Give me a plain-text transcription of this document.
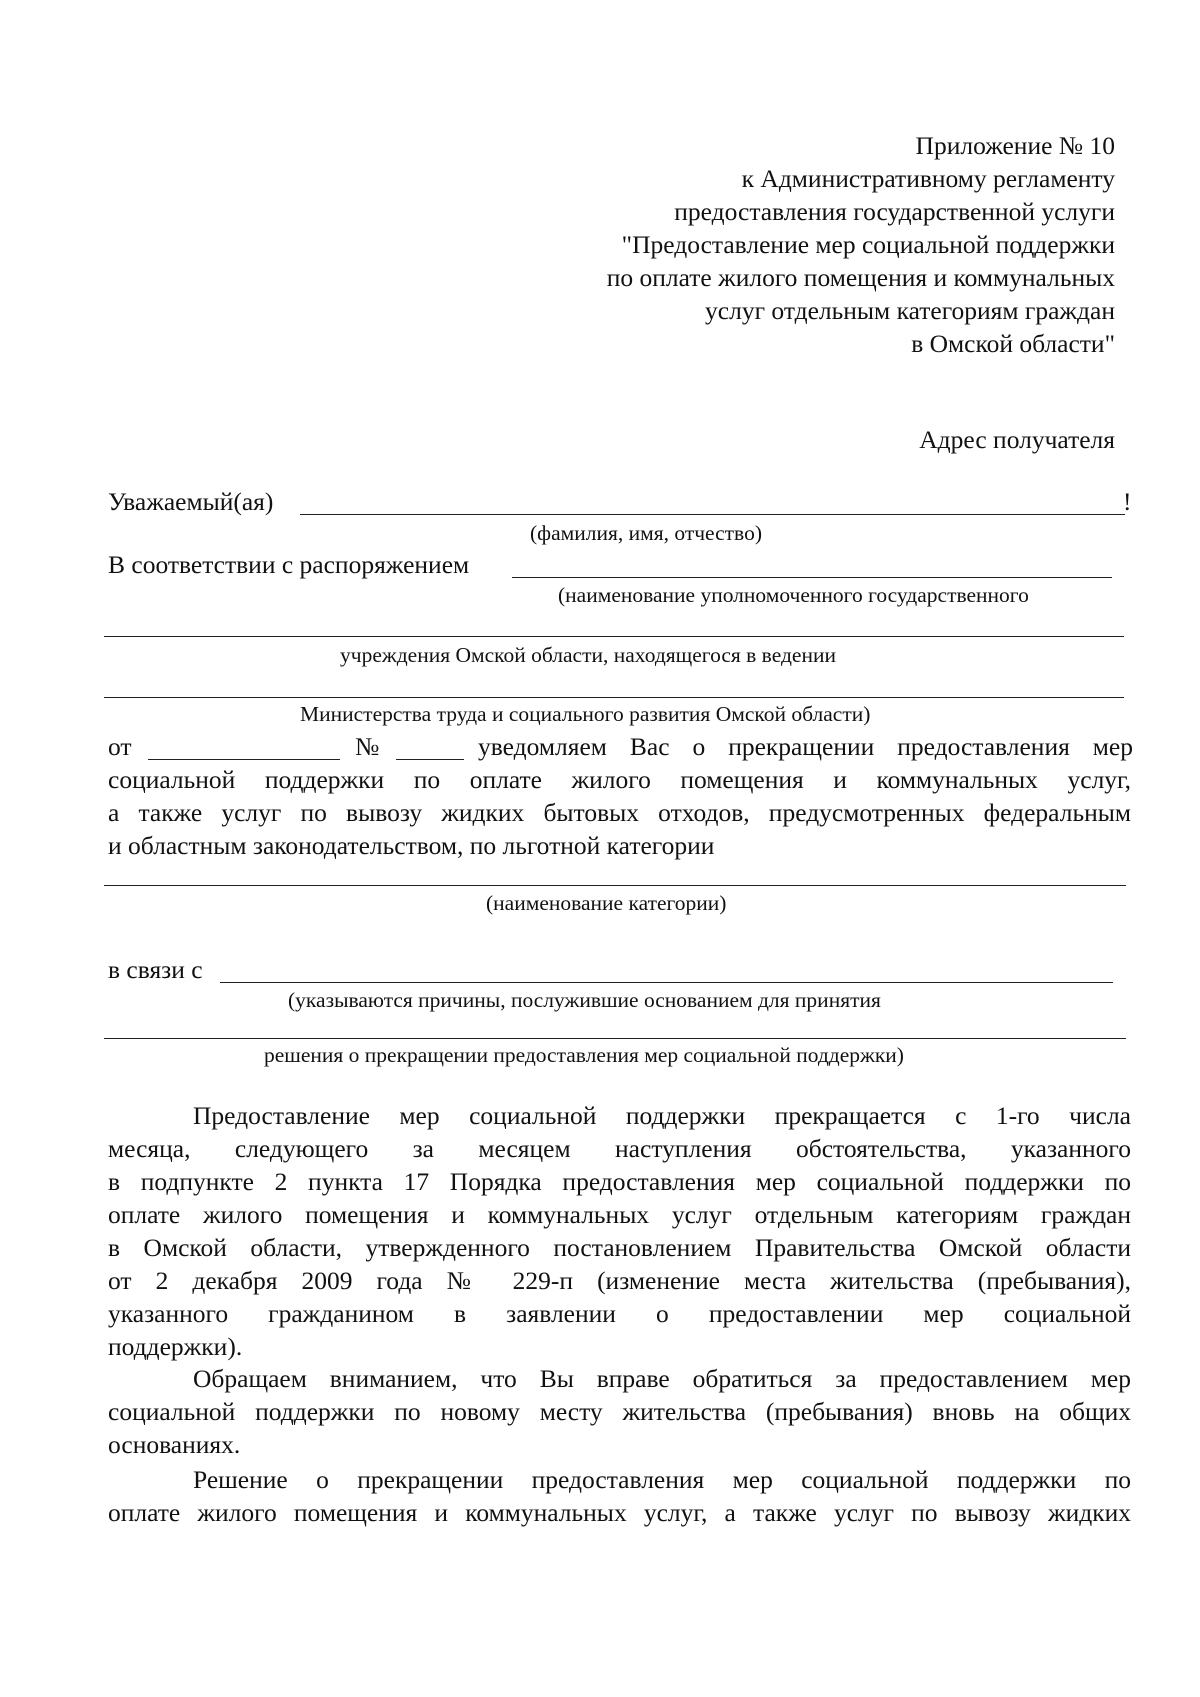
Приложение № 10
к Административному регламенту
предоставления государственной услуги
"Предоставление мер социальной поддержки
по оплате жилого помещения и коммунальных
услуг отдельным категориям граждан
в Омской области"
Адрес получателя
Уважаемый(ая)	!
(фамилия, имя, отчество)
В соответствии с распоряжением
(наименование уполномоченного государственного
учреждения Омской области, находящегося в ведении
Министерства труда и социального развития Омской области)
от	№	уведомляем Вас о прекращении предоставления мер
социальной поддержки по оплате жилого помещения и коммунальных услуг,
а также услуг по вывозу жидких бытовых отходов, предусмотренных федеральным
и областным законодательством, по льготной категории
(наименование категории)
в связи с
(указываются причины, послужившие основанием для принятия
решения о прекращении предоставления мер социальной поддержки)
Предоставление мер социальной поддержки прекращается с 1-го числа
месяца, следующего за месяцем наступления обстоятельства, указанного
в подпункте 2 пункта 17 Порядка предоставления мер социальной поддержки по
оплате жилого помещения и коммунальных услуг отдельным категориям граждан
в Омской области, утвержденного постановлением Правительства Омской области
от 2 декабря 2009 года № 229-п (изменение места жительства (пребывания),
указанного гражданином в заявлении о предоставлении мер социальной
поддержки).
Обращаем вниманием, что Вы вправе обратиться за предоставлением мер
социальной поддержки по новому месту жительства (пребывания) вновь на общих
основаниях.
Решение о прекращении предоставления мер социальной поддержки по
оплате жилого помещения и коммунальных услуг, а также услуг по вывозу жидких
